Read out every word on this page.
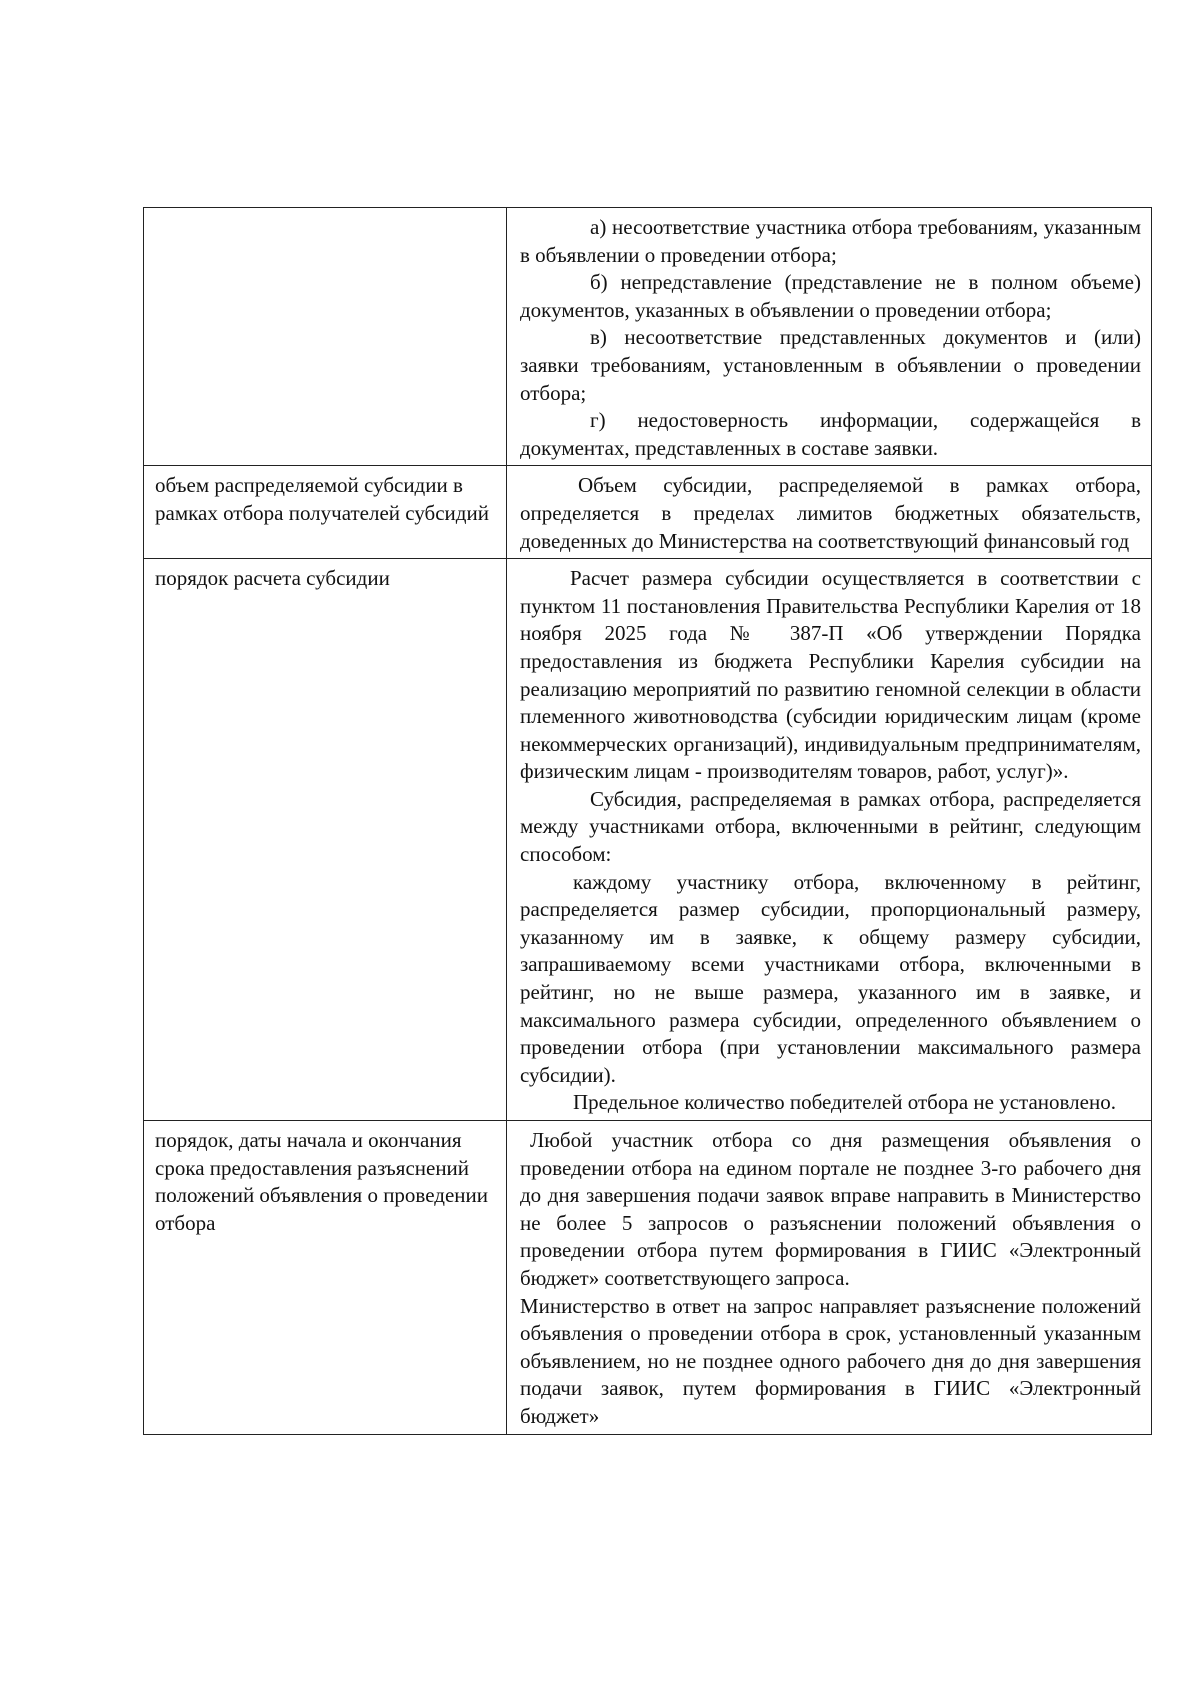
	а) несоответствие участника отбора требованиям, указанным в объявлении о проведении отбора;

б) непредставление (представление не в полном объеме) документов, указанных в объявлении о проведении отбора;

в) несоответствие представленных документов и (или) заявки требованиям, установленным в объявлении о проведении отбора;

г) недостоверность информации, содержащейся в документах, представленных в составе заявки.

объем распределяемой субсидии в рамках отбора получателей субсидий	Объем субсидии, распределяемой в рамках отбора, определяется в пределах лимитов бюджетных обязательств, доведенных до Министерства на соответствующий финансовый год

порядок расчета субсидии	Расчет размера субсидии осуществляется в соответствии с пунктом 11 постановления Правительства Республики Карелия от 18 ноября 2025 года № 387-П «Об утверждении Порядка предоставления из бюджета Республики Карелия субсидии на реализацию мероприятий по развитию геномной селекции в области племенного животноводства (субсидии юридическим лицам (кроме некоммерческих организаций), индивидуальным предпринимателям, физическим лицам - производителям товаров, работ, услуг)».

Субсидия, распределяемая в рамках отбора, распределяется между участниками отбора, включенными в рейтинг, следующим способом:

каждому участнику отбора, включенному в рейтинг, распределяется размер субсидии, пропорциональный размеру, указанному им в заявке, к общему размеру субсидии, запрашиваемому всеми участниками отбора, включенными в рейтинг, но не выше размера, указанного им в заявке, и максимального размера субсидии, определенного объявлением о проведении отбора (при установлении максимального размера субсидии).

Предельное количество победителей отбора не установлено.

порядок, даты начала и окончания срока предоставления разъяснений положений объявления о проведении отбора	Любой участник отбора со дня размещения объявления о проведении отбора на едином портале не позднее 3-го рабочего дня до дня завершения подачи заявок вправе направить в Министерство не более 5 запросов о разъяснении положений объявления о проведении отбора путем формирования в ГИИС «Электронный бюджет» соответствующего запроса.

Министерство в ответ на запрос направляет разъяснение положений объявления о проведении отбора в срок, установленный указанным объявлением, но не позднее одного рабочего дня до дня завершения подачи заявок, путем формирования в ГИИС «Электронный бюджет»
